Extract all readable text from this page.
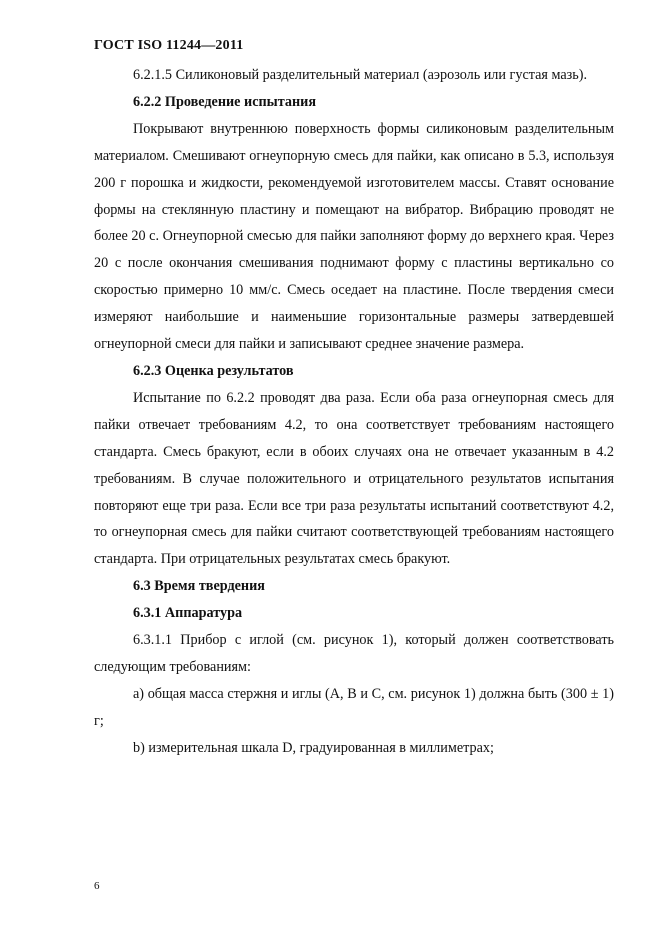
ГОСТ ISO 11244—2011

6.2.1.5 Силиконовый разделительный материал (аэрозоль или густая мазь).

6.2.2 Проведение испытания

Покрывают внутреннюю поверхность формы силиконовым разделительным материалом. Смешивают огнеупорную смесь для пайки, как описано в 5.3, используя 200 г порошка и жидкости, рекомендуемой изготовителем массы. Ставят основание формы на стеклянную пластину и помещают на вибратор. Вибрацию проводят не более 20 с. Огнеупорной смесью для пайки заполняют форму до верхнего края. Через 20 с после окончания смешивания поднимают форму с пластины вертикально со скоростью примерно 10 мм/с. Смесь оседает на пластине. После твердения смеси измеряют наибольшие и наименьшие горизонтальные размеры затвердевшей огнеупорной смеси для пайки и записывают среднее значение размера.

6.2.3 Оценка результатов

Испытание по 6.2.2 проводят два раза. Если оба раза огнеупорная смесь для пайки отвечает требованиям 4.2, то она соответствует требованиям настоящего стандарта. Смесь бракуют, если в обоих случаях она не отвечает указанным в 4.2 требованиям. В случае положительного и отрицательного результатов испытания повторяют еще три раза. Если все три раза результаты испытаний соответствуют 4.2, то огнеупорная смесь для пайки считают соответствующей требованиям настоящего стандарта. При отрицательных результатах смесь бракуют.

6.3 Время твердения

6.3.1 Аппаратура

6.3.1.1 Прибор с иглой (см. рисунок 1), который должен соответствовать следующим требованиям:

a) общая масса стержня и иглы (А, В и С, см. рисунок 1) должна быть (300 ± 1) г;

b) измерительная шкала D, градуированная в миллиметрах;

6
